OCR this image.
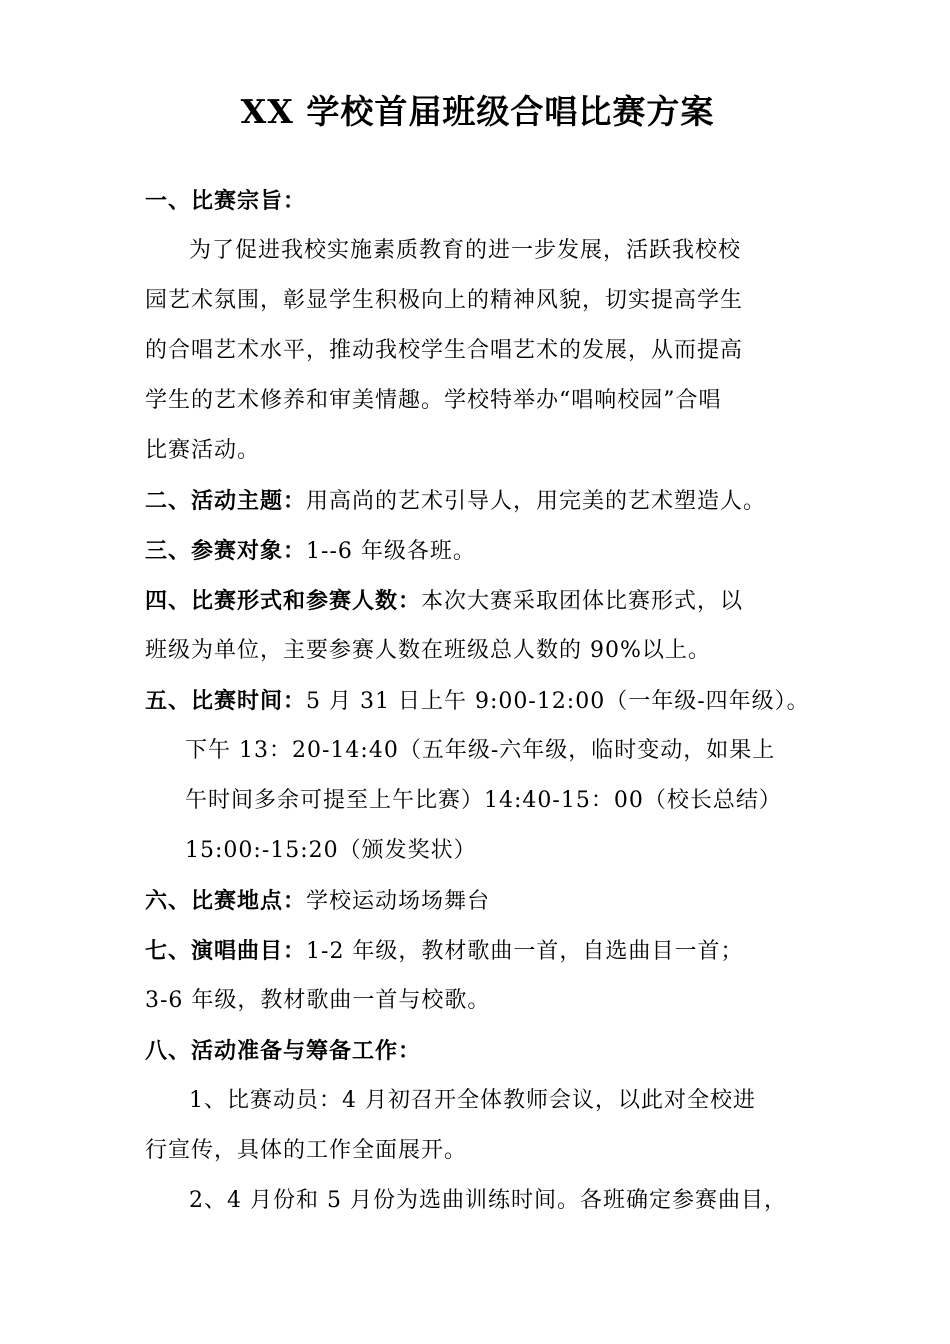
XX 学校首届班级合唱比赛方案
一、比赛宗旨：
为了促进我校实施素质教育的进一步发展，活跃我校校
园艺术氛围，彰显学生积极向上的精神风貌，切实提高学生
的合唱艺术水平，推动我校学生合唱艺术的发展，从而提高
学生的艺术修养和审美情趣。学校特举办“唱响校园”合唱
比赛活动。
二、活动主题：用高尚的艺术引导人，用完美的艺术塑造人。
三、参赛对象：1--6 年级各班。
四、比赛形式和参赛人数：本次大赛采取团体比赛形式，以
班级为单位，主要参赛人数在班级总人数的 90%以上。
五、比赛时间：5 月 31 日上午 9:00-12:00（一年级-四年级）。
下午 13：20-14:40（五年级-六年级，临时变动，如果上
午时间多余可提至上午比赛）14:40-15：00（校长总结）
15:00:-15:20（颁发奖状）
六、比赛地点：学校运动场场舞台
七、演唱曲目：1-2 年级，教材歌曲一首，自选曲目一首；
3-6 年级，教材歌曲一首与校歌。
八、活动准备与筹备工作：
1、比赛动员：4 月初召开全体教师会议，以此对全校进
行宣传，具体的工作全面展开。
2、4 月份和 5 月份为选曲训练时间。各班确定参赛曲目，
